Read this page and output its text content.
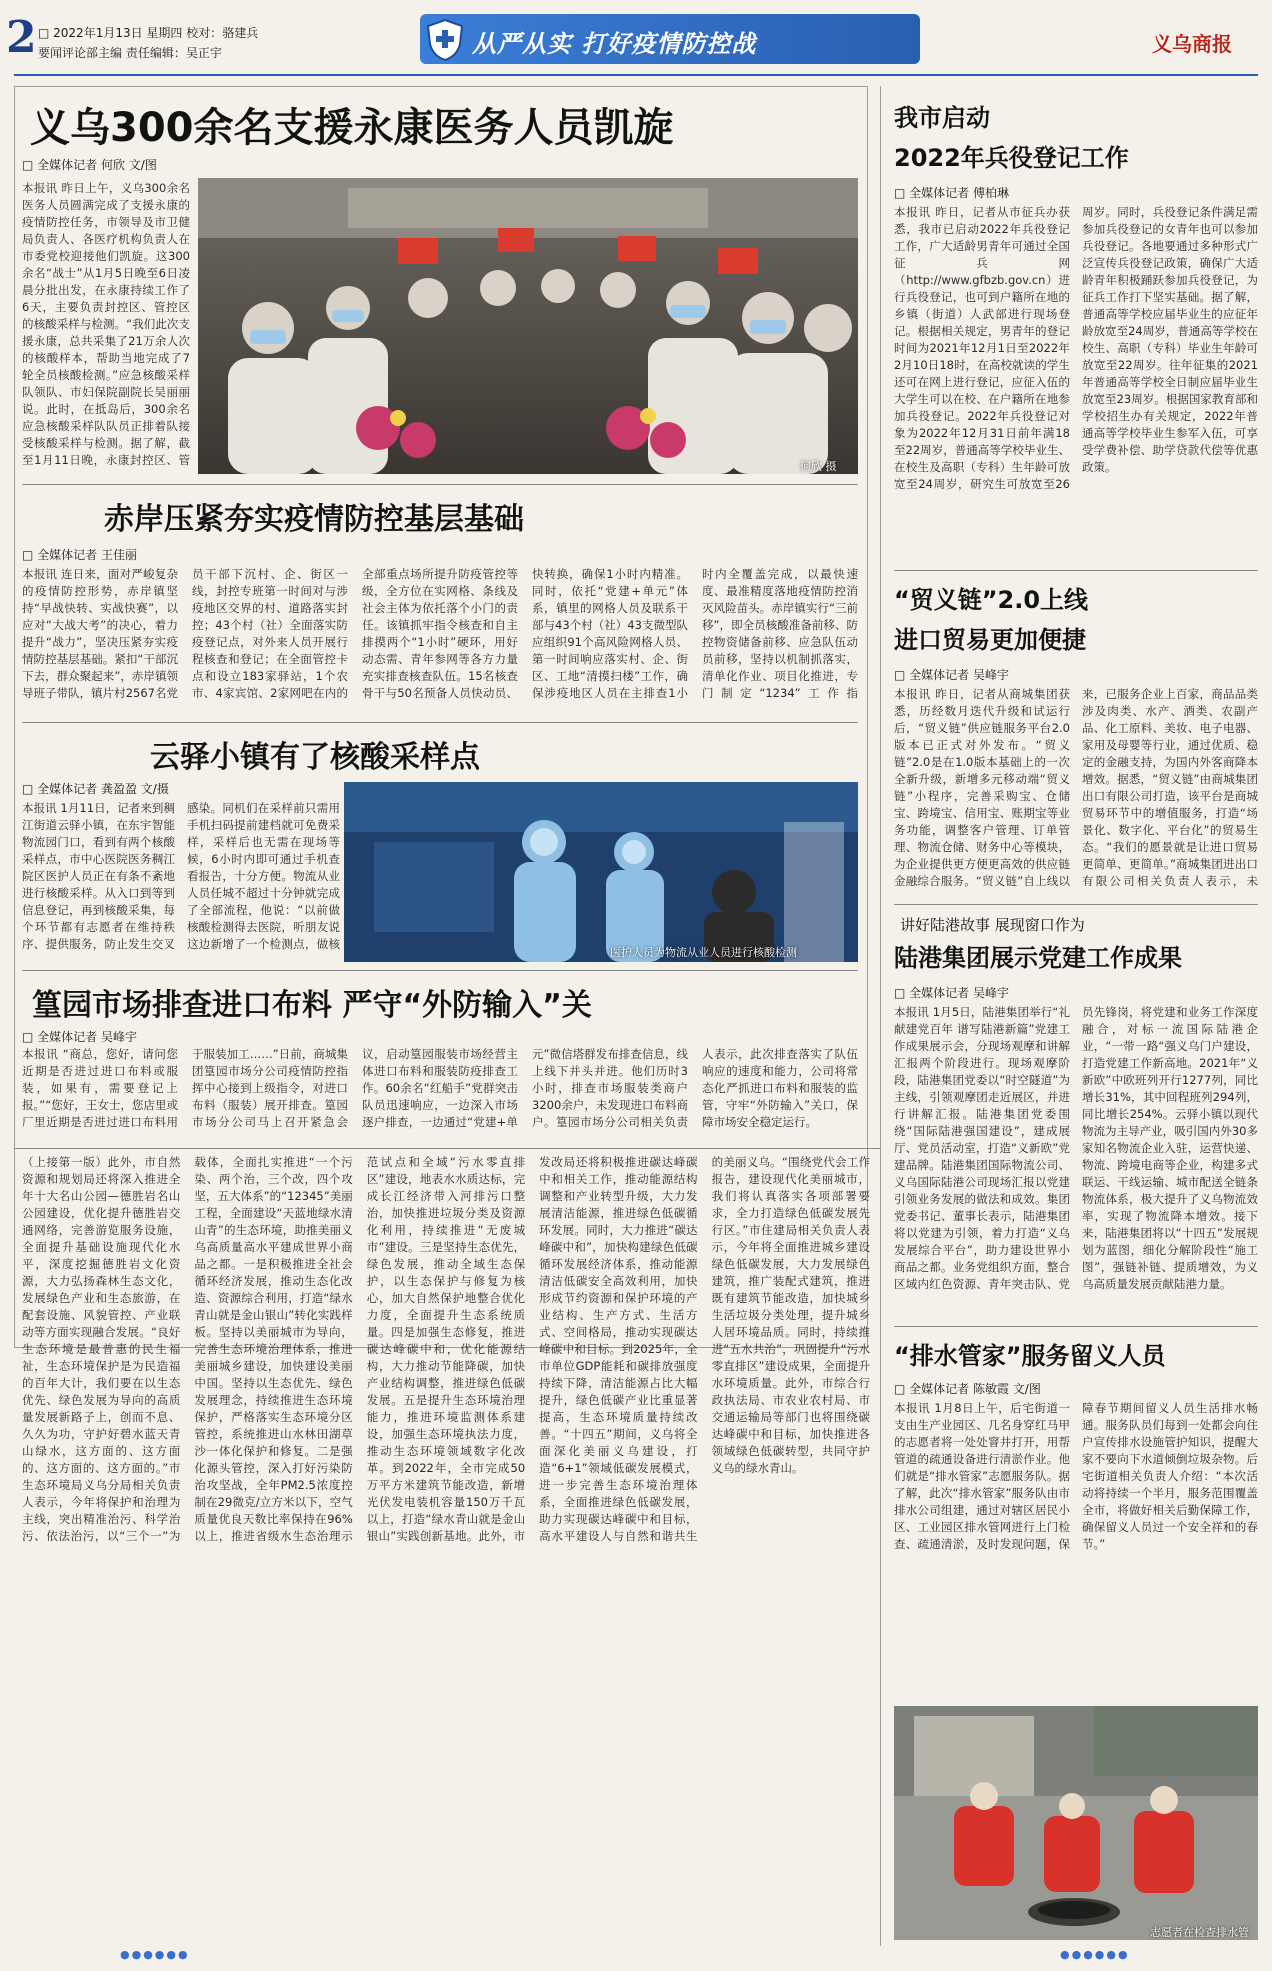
2
□	2022年1月13日 星期四 校对：骆建兵
要闻评论部主编 责任编辑：吴正宇	从严从实 打好疫情防控战	义乌商报
义乌300余名支援永康医务人员凯旋
□ 全媒体记者 何欣 文/图
本报讯 昨日上午，义乌300余名医务人员圆满完成了支援永康的疫情防控任务，市领导及市卫健局负责人、各医疗机构负责人在市委党校迎接他们凯旋。这300余名“战士”从1月5日晚至6日凌晨分批出发，在永康持续工作了6天，主要负责封控区、管控区的核酸采样与检测。“我们此次支援永康，总共采集了21万余人次的核酸样本，帮助当地完成了7轮全员核酸检测。”应急核酸采样队领队、市妇保院副院长吴丽丽说。此时，在抵岛后，300余名应急核酸采样队队员正排着队接受核酸采样与检测。据了解，截至1月11日晚，永康封控区、管	何欣 摄
赤岸压紧夯实疫情防控基层基础
□ 全媒体记者 王佳丽
本报讯 连日来，面对严峻复杂的疫情防控形势，赤岸镇坚持“早战快转、实战快赛”，以应对“大战大考”的决心，着力提升“战力”，坚决压紧夯实疫情防控基层基础。紧扣“干部沉下去，群众聚起来”，赤岸镇领导班子带队，镇片村2567名党员干部下沉村、企、街区一线，封控专班第一时间对与涉疫地区交界的村、道路落实封控；43个村（社）全面落实防疫登记点，对外来人员开展行程核查和登记；在全面管控卡点和设立183家驿站，1个农市、4家宾馆、2家网吧在内的全部重点场所提升防疫管控等级，全方位在实网格、条线及社会主体为依托落个小门的责任。该镇抓牢指令核查和自主排摸两个“1小时”硬环，用好动态需、青年参网等各方力量充实排查核查队伍。15名核查骨干与50名预备人员快动员、快转换，确保1小时内精准。同时，依托“党建+单元”体系，镇里的网格人员及联系干部与43个村（社）43支微型队应组织91个高风险网格人员、第一时间响应落实村、企、街区、工地“清摸扫楼”工作，确保涉疫地区人员在主排查1小时内全覆盖完成，以最快速度、最准精度落地疫情防控消灭风险苗头。赤岸镇实行“三前移”，即全员核酸准备前移、防控物资储备前移、应急队伍动员前移，坚持以机制抓落实，清单化作业、项目化推进，专门制定“1234”工作指
云驿小镇有了核酸采样点
□ 全媒体记者 龚盈盈 文/摄
本报讯 1月11日，记者来到稠江街道云驿小镇，在东宇智能物流园门口，看到有两个核酸采样点，市中心医院医务稠江院区医护人员正在有条不紊地进行核酸采样。从入口到等到信息登记，再到核酸采集，每个环节都有志愿者在维持秩序、提供服务，防止发生交叉感染。同机们在采样前只需用手机扫码提前建档就可免费采样，采样后也无需在现场等候，6小时内即可通过手机查看报告，十分方便。物流从业人员任城不超过十分钟就完成了全部流程，他说：“以前做核酸检测得去医院，听朋友说这边新增了一个检测点，做核
医护人员为物流从业人员进行核酸检测
篁园市场排查进口布料 严守“外防输入”关
□ 全媒体记者 吴峰宇
本报讯 “商总，您好，请问您近期是否进过进口布料或服装，如果有，需要登记上报。”“您好，王女士，您店里或厂里近期是否进过进口布料用于服装加工……”日前，商城集团篁园市场分公司疫情防控指挥中心接到上级指令，对进口布料（服装）展开排查。篁园市场分公司马上召开紧急会议，启动篁园服装市场经营主体进口布料和服装防疫排查工作。60余名“红船手”党群突击队员迅速响应，一边深入市场逐户排查，一边通过“党建+单元”微信塔群发布排查信息，线上线下并头并进。他们历时3小时，排查市场服装类商户3200余户，未发现进口布料商户。篁园市场分公司相关负责人表示，此次排查落实了队伍响应的速度和能力，公司将常态化严抓进口布料和服装的监管，守牢“外防输入”关口，保障市场安全稳定运行。
（上接第一版）此外，市自然资源和规划局还将深入推进全年十大名山公园—德胜岩名山公园建设，优化提升德胜岩交通网络，完善游览服务设施，全面提升基础设施现代化水平，深度挖掘德胜岩文化资源，大力弘扬森林生态文化，发展绿色产业和生态旅游，在配套设施、风貌管控、产业联动等方面实现融合发展。“良好生态环境是最普惠的民生福祉，生态环境保护是为民造福的百年大计，我们要在以生态优先、绿色发展为导向的高质量发展新路子上，创而不息、久久为功，守护好碧水蓝天青山绿水，这方面的、这方面的、这方面的、这方面的。”市生态环境局义乌分局相关负责人表示，今年将保护和治理为主线，突出精准治污、科学治污、依法治污，以“三个一”为载体，全面扎实推进“一个污染、两个治，三个改，四个攻坚，五大体系”的“12345”美丽工程，全面建设“天蓝地绿水清山青”的生态环境，助推美丽义乌高质量高水平建成世界小商品之都。一是积极推进全社会循环经济发展，推动生态化改造、资源综合利用，打造“绿水青山就是金山银山”转化实践样板。坚持以美丽城市为导向，完善生态环境治理体系，推进美丽城乡建设，加快建设美丽中国。坚持以生态优先、绿色发展理念，持续推进生态环境保护，严格落实生态环境分区管控，系统推进山水林田湖草沙一体化保护和修复。二是强化源头管控，深入打好污染防治攻坚战，全年PM2.5浓度控制在29微克/立方米以下，空气质量优良天数比率保持在96%以上，推进省级水生态治理示范试点和全域“污水零直排区”建设，地表水水质达标，完成长江经济带入河排污口整治，加快推进垃圾分类及资源化利用，持续推进“无废城市”建设。三是坚持生态优先，绿色发展，推动全域生态保护，以生态保护与修复为核心，加大自然保护地整合优化力度，全面提升生态系统质量。四是加强生态修复，推进碳达峰碳中和，优化能源结构，大力推动节能降碳，加快产业结构调整，推进绿色低碳发展。五是提升生态环境治理能力，推进环境监测体系建设，加强生态环境执法力度，推动生态环境领域数字化改革。到2022年，全市完成50万平方米建筑节能改造，新增光伏发电装机容量150万千瓦以上，打造“绿水青山就是金山银山”实践创新基地。此外，市发改局还将积极推进碳达峰碳中和相关工作，推动能源结构调整和产业转型升级，大力发展清洁能源，推进绿色低碳循环发展。同时，大力推进“碳达峰碳中和”，加快构建绿色低碳循环发展经济体系，推动能源清洁低碳安全高效利用，加快形成节约资源和保护环境的产业结构、生产方式、生活方式、空间格局，推动实现碳达峰碳中和目标。到2025年，全市单位GDP能耗和碳排放强度持续下降，清洁能源占比大幅提升，绿色低碳产业比重显著提高，生态环境质量持续改善。“十四五”期间，义乌将全面深化美丽义乌建设，打造“6+1”领域低碳发展模式，进一步完善生态环境治理体系，全面推进绿色低碳发展，助力实现碳达峰碳中和目标，高水平建设人与自然和谐共生的美丽义乌。“围绕党代会工作报告，建设现代化美丽城市，我们将认真落实各项部署要求，全力打造绿色低碳发展先行区。”市住建局相关负责人表示，今年将全面推进城乡建设绿色低碳发展，大力发展绿色建筑，推广装配式建筑，推进既有建筑节能改造，加快城乡生活垃圾分类处理，提升城乡人居环境品质。同时，持续推进“五水共治”，巩固提升“污水零直排区”建设成果，全面提升水环境质量。此外，市综合行政执法局、市农业农村局、市交通运输局等部门也将围绕碳达峰碳中和目标，加快推进各领域绿色低碳转型，共同守护义乌的绿水青山。
我市启动
2022年兵役登记工作
□ 全媒体记者 傅柏琳
本报讯 昨日，记者从市征兵办获悉，我市已启动2022年兵役登记工作，广大适龄男青年可通过全国征兵网（http://www.gfbzb.gov.cn）进行兵役登记，也可到户籍所在地的乡镇（街道）人武部进行现场登记。根据相关规定，男青年的登记时间为2021年12月1日至2022年2月10日18时，在高校就读的学生还可在网上进行登记，应征入伍的大学生可以在校、在户籍所在地参加兵役登记。2022年兵役登记对象为2022年12月31日前年满18至22周岁，普通高等学校毕业生、在校生及高职（专科）生年龄可放宽至24周岁，研究生可放宽至26周岁。同时，兵役登记条件满足需参加兵役登记的女青年也可以参加兵役登记。各地要通过多种形式广泛宣传兵役登记政策，确保广大适龄青年积极踊跃参加兵役登记，为征兵工作打下坚实基础。据了解，普通高等学校应届毕业生的应征年龄放宽至24周岁，普通高等学校在校生、高职（专科）毕业生年龄可放宽至22周岁。往年征集的2021年普通高等学校全日制应届毕业生放宽至23周岁。根据国家教育部和学校招生办有关规定，2022年普通高等学校毕业生参军入伍，可享受学费补偿、助学贷款代偿等优惠政策。
“贸义链”2.0上线
进口贸易更加便捷
□ 全媒体记者 吴峰宇
本报讯 昨日，记者从商城集团获悉，历经数月迭代升级和试运行后，“贸义链”供应链服务平台2.0版本已正式对外发布。“贸义链”2.0是在1.0版本基础上的一次全新升级，新增多元移动端“贸义链”小程序，完善采购宝、仓储宝、跨境宝、信用宝、账期宝等业务功能，调整客户管理、订单管理、物流仓储、财务中心等模块，为企业提供更方便更高效的供应链金融综合服务。“贸义链”自上线以来，已服务企业上百家，商品品类涉及肉类、水产、酒类、农副产品、化工原料、美妆、电子电器、家用及母婴等行业，通过优质、稳定的金融支持，为国内外客商降本增效。据悉，“贸义链”由商城集团出口有限公司打造，该平台是商城贸易环节中的增值服务，打造“场景化、数字化、平台化”的贸易生态。“我们的愿景就是让进口贸易更简单、更简单。”商城集团进出口有限公司相关负责人表示，未
讲好陆港故事 展现窗口作为
陆港集团展示党建工作成果
□ 全媒体记者 吴峰宇
本报讯 1月5日，陆港集团举行“礼献建党百年 谱写陆港新篇”党建工作成果展示会，分现场观摩和讲解汇报两个阶段进行。现场观摩阶段，陆港集团党委以“时空隧道”为主线，引领观摩团走近展区，并进行讲解汇报。陆港集团党委围绕“国际陆港强国建设”，建成展厅、党员活动室，打造“义新欧”党建品牌。陆港集团国际物流公司、义乌国际陆港公司现场汇报以党建引领业务发展的做法和成效。集团党委书记、董事长表示，陆港集团将以党建为引领，着力打造“义乌发展综合平台”，助力建设世界小商品之都。业务党组织方面，整合区域内红色资源、青年突击队、党员先锋岗，将党建和业务工作深度融合，对标一流国际陆港企业，“一带一路“强义乌门户建设，打造党建工作新高地。2021年“义新欧”中欧班列开行1277列，同比增长31%，其中回程班列294列，同比增长254%。云驿小镇以现代物流为主导产业，吸引国内外30多家知名物流企业入驻，运营快递、物流、跨境电商等企业，构建多式联运、干线运输、城市配送全链条物流体系，极大提升了义乌物流效率，实现了物流降本增效。接下来，陆港集团将以“十四五”发展规划为蓝图，细化分解阶段性“施工图”，强链补链、提质增效，为义乌高质量发展贡献陆港力量。
“排水管家”服务留义人员
□ 全媒体记者 陈敏霞 文/图
本报讯 1月8日上午，后宅街道一支由生产业园区、几名身穿红马甲的志愿者将一处处窨井打开，用帮管道的疏通设备进行清淤作业。他们就是“排水管家”志愿服务队。据了解，此次“排水管家”服务队由市排水公司组建，通过对辖区居民小区、工业园区排水管网进行上门检查、疏通清淤，及时发现问题，保障春节期间留义人员生活排水畅通。服务队员们每到一处都会向住户宣传排水设施管护知识，提醒大家不要向下水道倾倒垃圾杂物。后宅街道相关负责人介绍：“本次活动将持续一个半月，服务范围覆盖全市，将做好相关后勤保障工作，确保留义人员过一个安全祥和的春节。”
志愿者在检查排水管
●●●●●●	●●●●●●
